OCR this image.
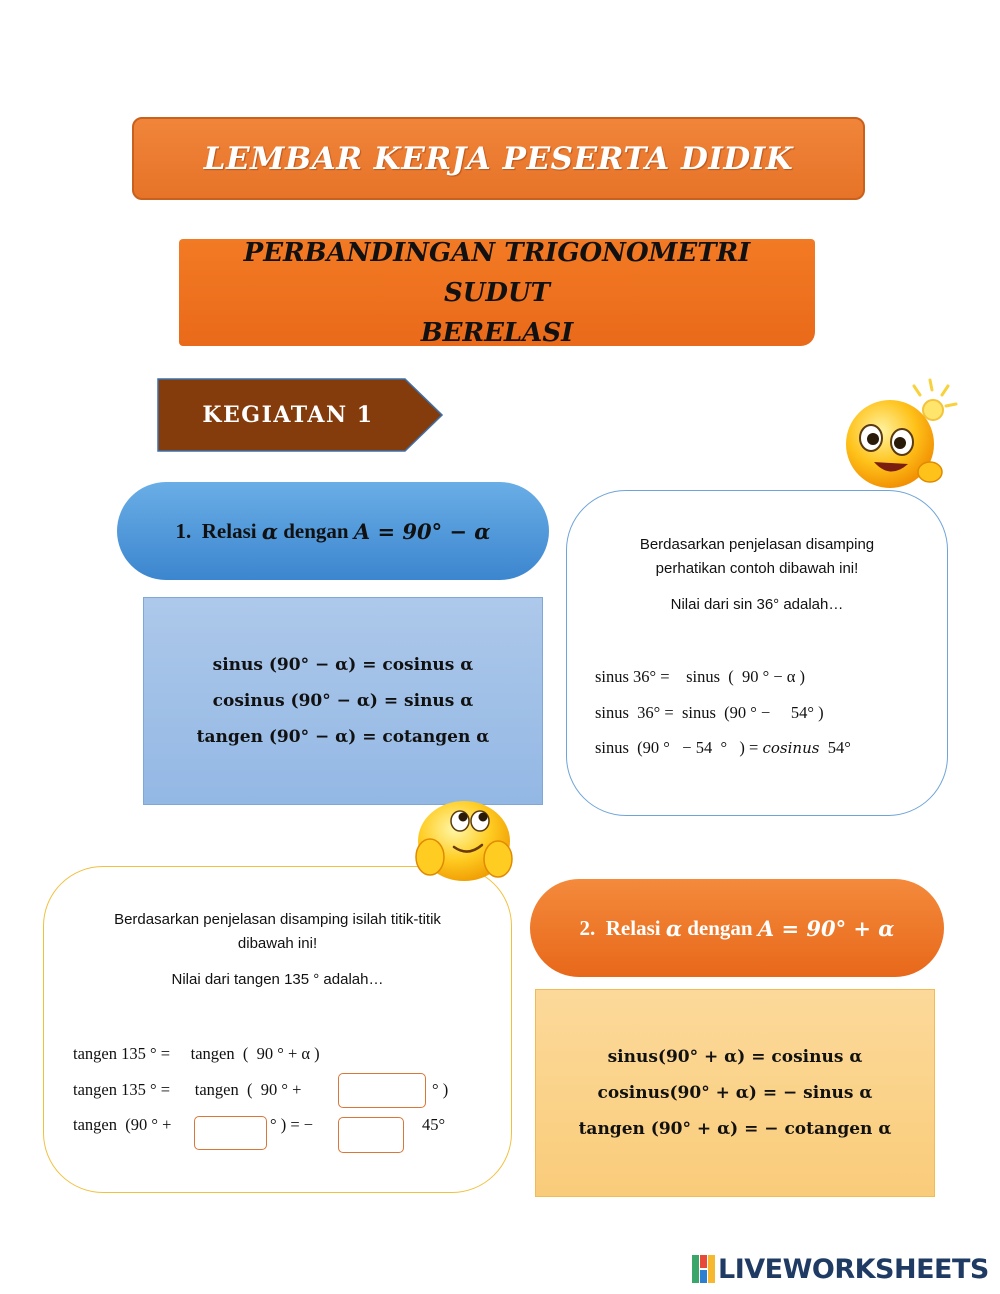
LEMBAR KERJA PESERTA DIDIK
PERBANDINGAN TRIGONOMETRI SUDUT
BERELASI
KEGIATAN 1
1.  Relasi α dengan A = 90° − α
sinus (90° − α) = cosinus α
cosinus (90° − α) = sinus α
tangen (90° − α) = cotangen α
Berdasarkan penjelasan disamping
perhatikan contoh dibawah ini!
Nilai dari sin 36° adalah…
sinus 36° =    sinus  (  90 ° − α )
sinus  36° =  sinus  (90 ° −     54° )
sinus  (90 °   − 54  °   ) = cosinus  54°
Berdasarkan penjelasan disamping isilah titik-titik
dibawah ini!
Nilai dari tangen 135 ° adalah…
tangen 135 ° =     tangen  (  90 ° + α )
tangen 135 ° =      tangen  (  90 ° +	° )
tangen  (90 ° +	° ) = −	45°
2.  Relasi α dengan A = 90° + α
sinus(90° + α) = cosinus α
cosinus(90° + α) = − sinus α
tangen (90° + α) = − cotangen α
LIVEWORKSHEETS
